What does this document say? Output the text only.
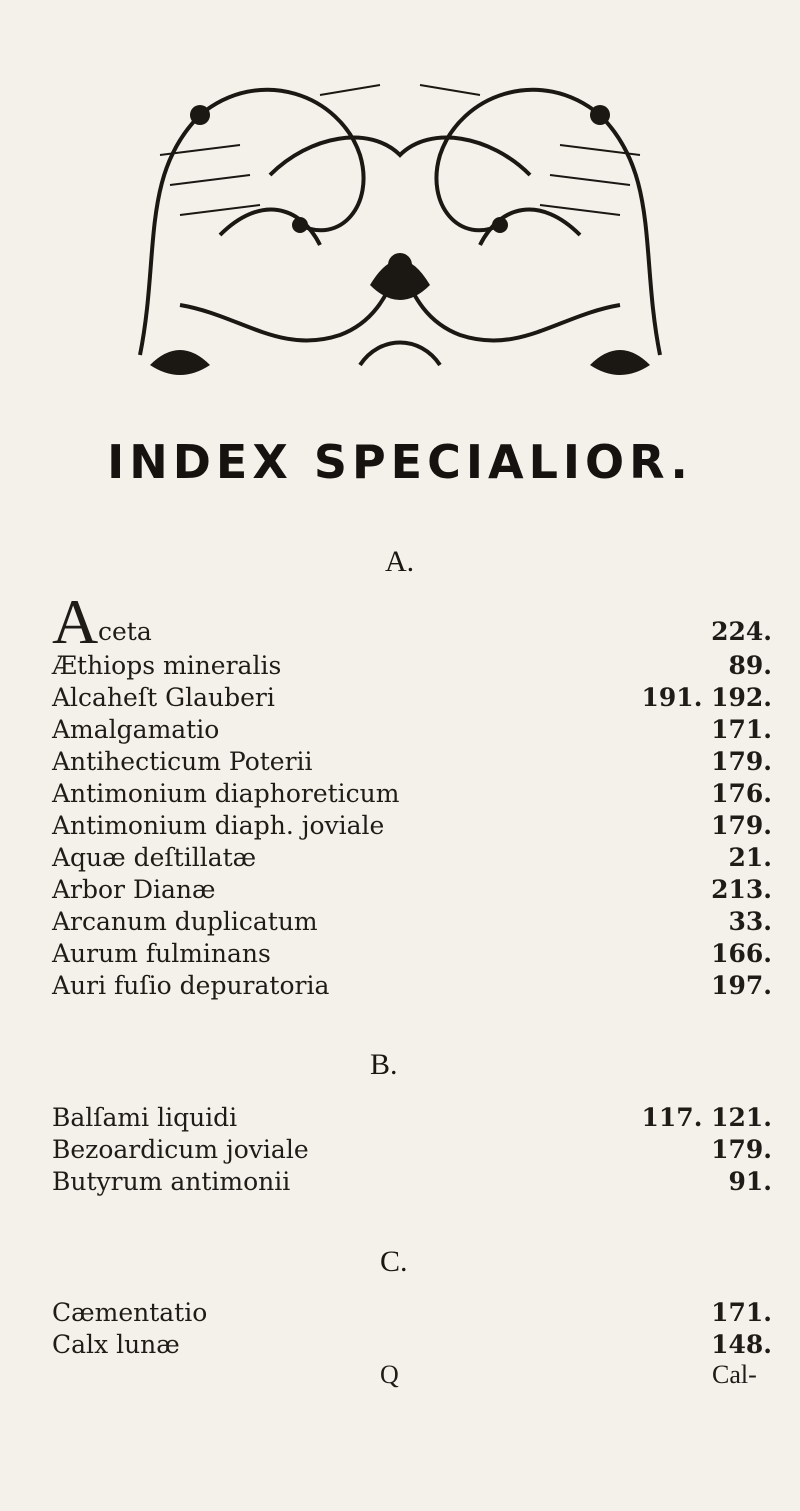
INDEX SPECIALIOR.
A.
A ceta	224.
Æthiops mineralis	89.
Alcaheſt Glauberi	191. 192.
Amalgamatio	171.
Antihecticum Poterii	179.
Antimonium diaphoreticum	176.
Antimonium diaph. joviale	179.
Aquæ deſtillatæ	21.
Arbor Dianæ	213.
Arcanum duplicatum	33.
Aurum fulminans	166.
Auri fuſio depuratoria	197.
B.
Balſami liquidi	117. 121.
Bezoardicum joviale	179.
Butyrum antimonii	91.
C.
Cæmentatio	171.
Calx lunæ	148.
Q	Cal-
